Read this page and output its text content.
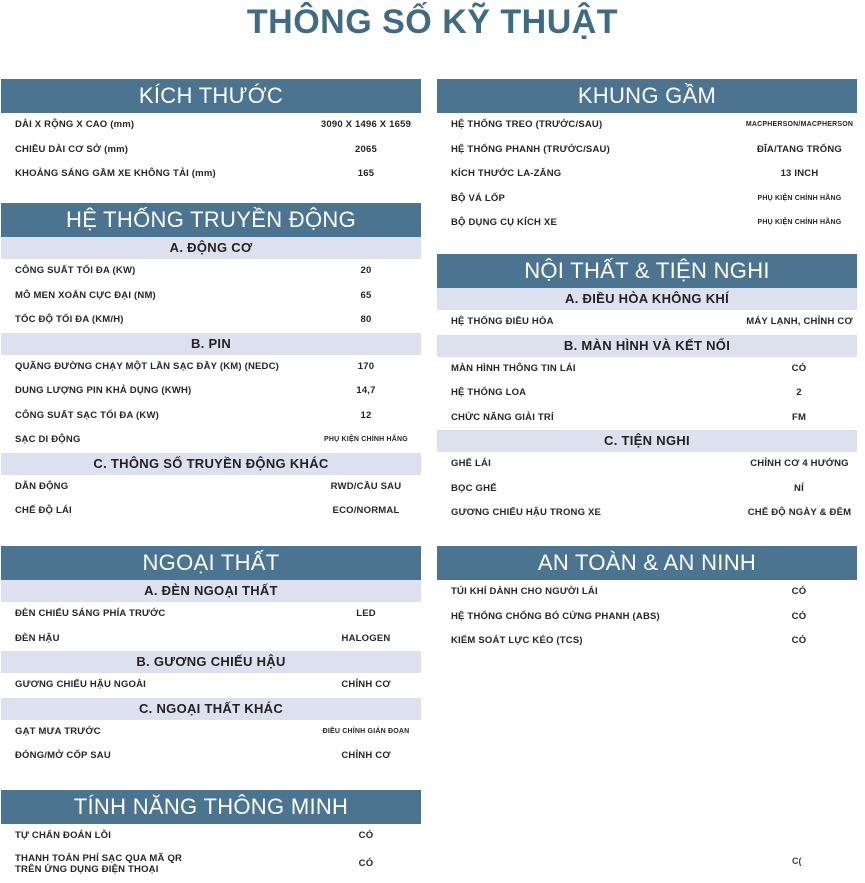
THÔNG SỐ KỸ THUẬT
KÍCH THƯỚC
DÀI X RỘNG X CAO (mm)	3090 X 1496 X 1659
CHIỀU DÀI CƠ SỞ (mm)	2065
KHOẢNG SÁNG GẦM XE KHÔNG TẢI (mm)	165
HỆ THỐNG TRUYỀN ĐỘNG
A. ĐỘNG CƠ
CÔNG SUẤT TỐI ĐA (KW)	20
MÔ MEN XOẮN CỰC ĐẠI (NM)	65
TỐC ĐỘ TỐI ĐA (KM/H)	80
B. PIN
QUÃNG ĐƯỜNG CHẠY MỘT LẦN SẠC ĐẦY (KM) (NEDC)	170
DUNG LƯỢNG PIN KHẢ DỤNG (KWH)	14,7
CÔNG SUẤT SẠC TỐI ĐA (KW)	12
SẠC DI ĐỘNG	PHỤ KIỆN CHÍNH HÃNG
C. THÔNG SỐ TRUYỀN ĐỘNG KHÁC
DẪN ĐỘNG	RWD/CẦU SAU
CHẾ ĐỘ LÁI	ECO/NORMAL
NGOẠI THẤT
A. ĐÈN NGOẠI THẤT
ĐÈN CHIẾU SÁNG PHÍA TRƯỚC	LED
ĐÈN HẬU	HALOGEN
B. GƯƠNG CHIẾU HẬU
GƯƠNG CHIẾU HẬU NGOÀI	CHỈNH CƠ
C. NGOẠI THẤT KHÁC
GẠT MƯA TRƯỚC	ĐIỀU CHỈNH GIÁN ĐOẠN
ĐÓNG/MỞ CỐP SAU	CHỈNH CƠ
TÍNH NĂNG THÔNG MINH
TỰ CHẨN ĐOÁN LỖI	CÓ
THANH TOÁN PHÍ SẠC QUA MÃ QR
TRÊN ỨNG DỤNG ĐIỆN THOẠI
CÓ
KHUNG GẦM
HỆ THỐNG TREO (TRƯỚC/SAU)	MACPHERSON/MACPHERSON
HỆ THỐNG PHANH (TRƯỚC/SAU)	ĐĨA/TANG TRỐNG
KÍCH THƯỚC LA-ZĂNG	13 INCH
BỘ VÁ LỐP	PHỤ KIỆN CHÍNH HÃNG
BỘ DỤNG CỤ KÍCH XE	PHỤ KIỆN CHÍNH HÃNG
NỘI THẤT & TIỆN NGHI
A. ĐIỀU HÒA KHÔNG KHÍ
HỆ THỐNG ĐIỀU HÒA	MÁY LẠNH, CHỈNH CƠ
B. MÀN HÌNH VÀ KẾT NỐI
MÀN HÌNH THÔNG TIN LÁI	CÓ
HỆ THỐNG LOA	2
CHỨC NĂNG GIẢI TRÍ	FM
C. TIỆN NGHI
GHẾ LÁI	CHỈNH CƠ 4 HƯỚNG
BỌC GHẾ	NỈ
GƯƠNG CHIẾU HẬU TRONG XE	CHẾ ĐỘ NGÀY & ĐÊM
AN TOÀN & AN NINH
TÚI KHÍ DÀNH CHO NGƯỜI LÁI	CÓ
HỆ THỐNG CHỐNG BÓ CỨNG PHANH (ABS)	CÓ
KIỂM SOÁT LỰC KÉO (TCS)	CÓ
C(
